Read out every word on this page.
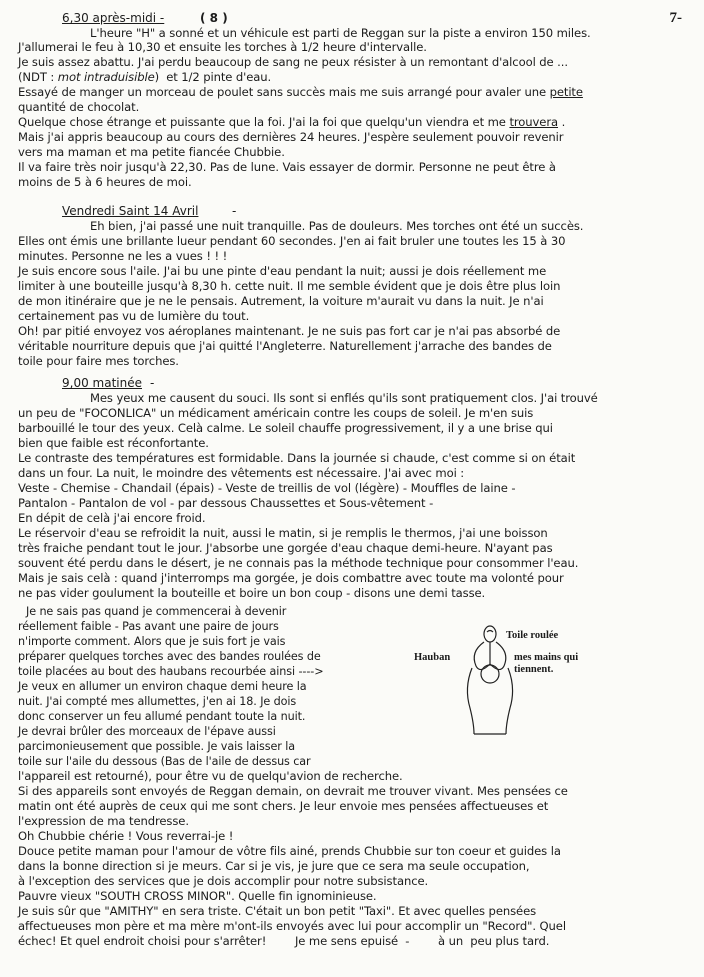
6,30 après-midi -	( 8 )	7-
L'heure "H" a sonné et un véhicule est parti de Reggan sur la piste a environ 150 miles.
J'allumerai le feu à 10,30 et ensuite les torches à 1/2 heure d'intervalle.
Je suis assez abattu. J'ai perdu beaucoup de sang ne peux résister à un remontant d'alcool de ...
(NDT : mot intraduisible) et 1/2 pinte d'eau.
Essayé de manger un morceau de poulet sans succès mais me suis arrangé pour avaler une petite
quantité de chocolat.
Quelque chose étrange et puissante que la foi. J'ai la foi que quelqu'un viendra et me trouvera .
Mais j'ai appris beaucoup au cours des dernières 24 heures. J'espère seulement pouvoir revenir
vers ma maman et ma petite fiancée Chubbie.
Il va faire très noir jusqu'à 22,30. Pas de lune. Vais essayer de dormir. Personne ne peut être à
moins de 5 à 6 heures de moi.
Vendredi Saint 14 Avril	-
Eh bien, j'ai passé une nuit tranquille. Pas de douleurs. Mes torches ont été un succès.
Elles ont émis une brillante lueur pendant 60 secondes. J'en ai fait bruler une toutes les 15 à 30
minutes. Personne ne les a vues ! ! !
Je suis encore sous l'aile. J'ai bu une pinte d'eau pendant la nuit; aussi je dois réellement me
limiter à une bouteille jusqu'à 8,30 h. cette nuit. Il me semble évident que je dois être plus loin
de mon itinéraire que je ne le pensais. Autrement, la voiture m'aurait vu dans la nuit. Je n'ai
certainement pas vu de lumière du tout.
Oh! par pitié envoyez vos aéroplanes maintenant. Je ne suis pas fort car je n'ai pas absorbé de
véritable nourriture depuis que j'ai quitté l'Angleterre. Naturellement j'arrache des bandes de
toile pour faire mes torches.
9,00 matinée -
Mes yeux me causent du souci. Ils sont si enflés qu'ils sont pratiquement clos. J'ai trouvé
un peu de "FOCONLICA" un médicament américain contre les coups de soleil. Je m'en suis
barbouillé le tour des yeux. Celà calme. Le soleil chauffe progressivement, il y a une brise qui
bien que faible est réconfortante.
Le contraste des températures est formidable. Dans la journée si chaude, c'est comme si on était
dans un four. La nuit, le moindre des vêtements est nécessaire. J'ai avec moi :
Veste - Chemise - Chandail (épais) - Veste de treillis de vol (légère) - Mouffles de laine -
Pantalon - Pantalon de vol - par dessous Chaussettes et Sous-vêtement -
En dépit de celà j'ai encore froid.
Le réservoir d'eau se refroidit la nuit, aussi le matin, si je remplis le thermos, j'ai une boisson
très fraiche pendant tout le jour. J'absorbe une gorgée d'eau chaque demi-heure. N'ayant pas
souvent été perdu dans le désert, je ne connais pas la méthode technique pour consommer l'eau.
Mais je sais celà : quand j'interromps ma gorgée, je dois combattre avec toute ma volonté pour
ne pas vider goulument la bouteille et boire un bon coup - disons une demi tasse.
Je ne sais pas quand je commencerai à devenir
réellement faible - Pas avant une paire de jours
n'importe comment. Alors que je suis fort je vais
préparer quelques torches avec des bandes roulées de
toile placées au bout des haubans recourbée ainsi ---->
Je veux en allumer un environ chaque demi heure la
nuit. J'ai compté mes allumettes, j'en ai 18. Je dois
donc conserver un feu allumé pendant toute la nuit.
Je devrai brûler des morceaux de l'épave aussi
parcimonieusement que possible. Je vais laisser la
toile sur l'aile du dessous (Bas de l'aile de dessus car
Toile roulée
Hauban	mes mains qui tiennent.
l'appareil est retourné), pour être vu de quelqu'avion de recherche.
Si des appareils sont envoyés de Reggan demain, on devrait me trouver vivant. Mes pensées ce
matin ont été auprès de ceux qui me sont chers. Je leur envoie mes pensées affectueuses et
l'expression de ma tendresse.
Oh Chubbie chérie ! Vous reverrai-je !
Douce petite maman pour l'amour de vôtre fils ainé, prends Chubbie sur ton coeur et guides la
dans la bonne direction si je meurs. Car si je vis, je jure que ce sera ma seule occupation,
à l'exception des services que je dois accomplir pour notre subsistance.
Pauvre vieux "SOUTH CROSS MINOR". Quelle fin ignominieuse.
Je suis sûr que "AMITHY" en sera triste. C'était un bon petit "Taxi". Et avec quelles pensées
affectueuses mon père et ma mère m'ont-ils envoyés avec lui pour accomplir un "Record". Quel
échec! Et quel endroit choisi pour s'arrêter!        Je me sens epuisé  -        à un  peu plus tard.
